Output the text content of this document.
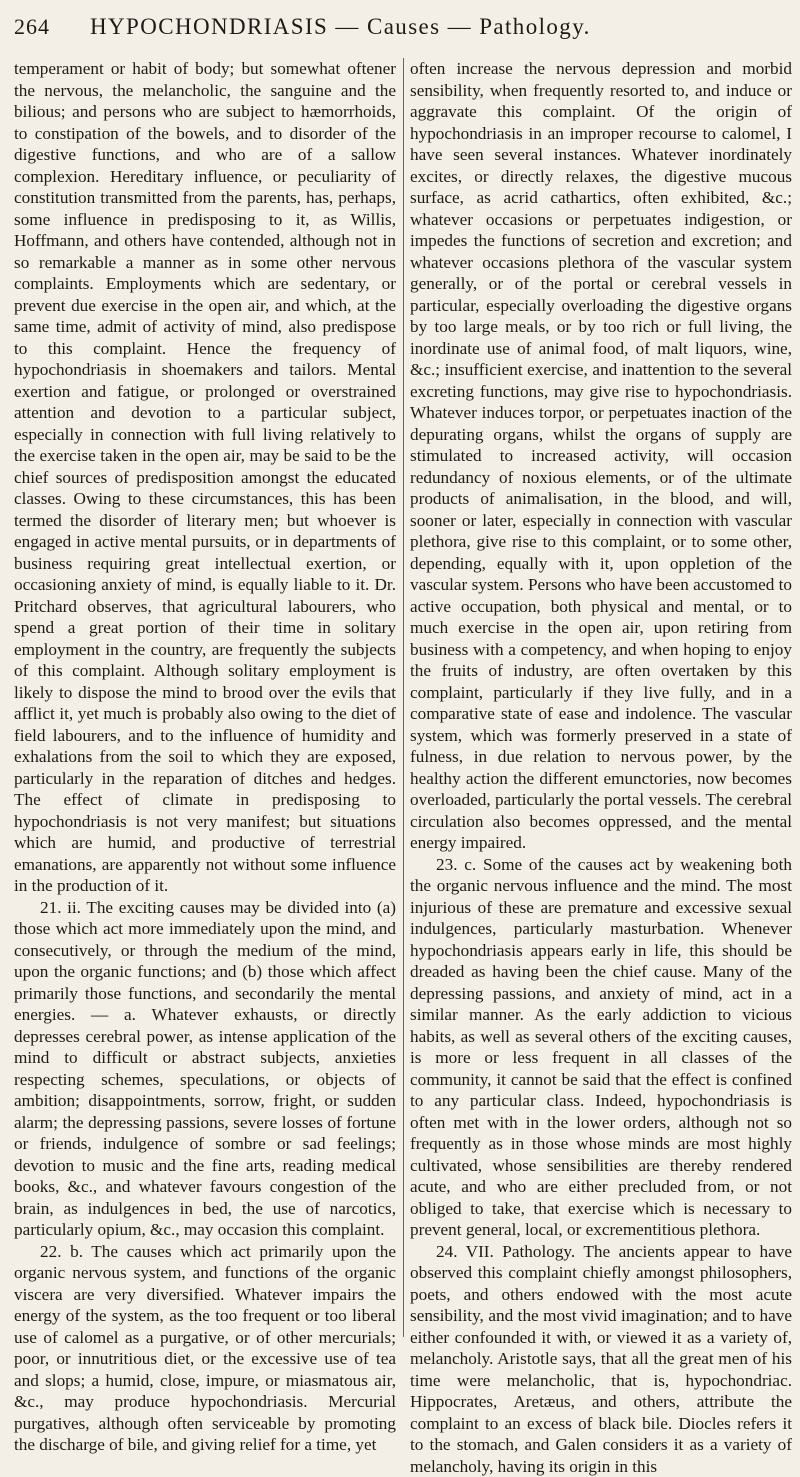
264 HYPOCHONDRIASIS — Causes — Pathology.

temperament or habit of body; but somewhat oftener the nervous, the melancholic, the sanguine and the bilious; and persons who are subject to hæmorrhoids, to constipation of the bowels, and to disorder of the digestive functions, and who are of a sallow complexion. Hereditary influence, or peculiarity of constitution transmitted from the parents, has, perhaps, some influence in predisposing to it, as Willis, Hoffmann, and others have contended, although not in so remarkable a manner as in some other nervous complaints. Employments which are sedentary, or prevent due exercise in the open air, and which, at the same time, admit of activity of mind, also predispose to this complaint. Hence the frequency of hypochondriasis in shoemakers and tailors. Mental exertion and fatigue, or prolonged or overstrained attention and devotion to a particular subject, especially in connection with full living relatively to the exercise taken in the open air, may be said to be the chief sources of predisposition amongst the educated classes. Owing to these circumstances, this has been termed the disorder of literary men; but whoever is engaged in active mental pursuits, or in departments of business requiring great intellectual exertion, or occasioning anxiety of mind, is equally liable to it. Dr. Pritchard observes, that agricultural labourers, who spend a great portion of their time in solitary employment in the country, are frequently the subjects of this complaint. Although solitary employment is likely to dispose the mind to brood over the evils that afflict it, yet much is probably also owing to the diet of field labourers, and to the influence of humidity and exhalations from the soil to which they are exposed, particularly in the reparation of ditches and hedges. The effect of climate in predisposing to hypochondriasis is not very manifest; but situations which are humid, and productive of terrestrial emanations, are apparently not without some influence in the production of it.
21. ii. The exciting causes may be divided into (a) those which act more immediately upon the mind, and consecutively, or through the medium of the mind, upon the organic functions; and (b) those which affect primarily those functions, and secondarily the mental energies. — a. Whatever exhausts, or directly depresses cerebral power, as intense application of the mind to difficult or abstract subjects, anxieties respecting schemes, speculations, or objects of ambition; disappointments, sorrow, fright, or sudden alarm; the depressing passions, severe losses of fortune or friends, indulgence of sombre or sad feelings; devotion to music and the fine arts, reading medical books, &c., and whatever favours congestion of the brain, as indulgences in bed, the use of narcotics, particularly opium, &c., may occasion this complaint.
22. b. The causes which act primarily upon the organic nervous system, and functions of the organic viscera are very diversified. Whatever impairs the energy of the system, as the too frequent or too liberal use of calomel as a purgative, or of other mercurials; poor, or innutritious diet, or the excessive use of tea and slops; a humid, close, impure, or miasmatous air, &c., may produce hypochondriasis. Mercurial purgatives, although often serviceable by promoting the discharge of bile, and giving relief for a time, yet

often increase the nervous depression and morbid sensibility, when frequently resorted to, and induce or aggravate this complaint. Of the origin of hypochondriasis in an improper recourse to calomel, I have seen several instances. Whatever inordinately excites, or directly relaxes, the digestive mucous surface, as acrid cathartics, often exhibited, &c.; whatever occasions or perpetuates indigestion, or impedes the functions of secretion and excretion; and whatever occasions plethora of the vascular system generally, or of the portal or cerebral vessels in particular, especially overloading the digestive organs by too large meals, or by too rich or full living, the inordinate use of animal food, of malt liquors, wine, &c.; insufficient exercise, and inattention to the several excreting functions, may give rise to hypochondriasis. Whatever induces torpor, or perpetuates inaction of the depurating organs, whilst the organs of supply are stimulated to increased activity, will occasion redundancy of noxious elements, or of the ultimate products of animalisation, in the blood, and will, sooner or later, especially in connection with vascular plethora, give rise to this complaint, or to some other, depending, equally with it, upon oppletion of the vascular system. Persons who have been accustomed to active occupation, both physical and mental, or to much exercise in the open air, upon retiring from business with a competency, and when hoping to enjoy the fruits of industry, are often overtaken by this complaint, particularly if they live fully, and in a comparative state of ease and indolence. The vascular system, which was formerly preserved in a state of fulness, in due relation to nervous power, by the healthy action the different emunctories, now becomes overloaded, particularly the portal vessels. The cerebral circulation also becomes oppressed, and the mental energy impaired.
23. c. Some of the causes act by weakening both the organic nervous influence and the mind. The most injurious of these are premature and excessive sexual indulgences, particularly masturbation. Whenever hypochondriasis appears early in life, this should be dreaded as having been the chief cause. Many of the depressing passions, and anxiety of mind, act in a similar manner. As the early addiction to vicious habits, as well as several others of the exciting causes, is more or less frequent in all classes of the community, it cannot be said that the effect is confined to any particular class. Indeed, hypochondriasis is often met with in the lower orders, although not so frequently as in those whose minds are most highly cultivated, whose sensibilities are thereby rendered acute, and who are either precluded from, or not obliged to take, that exercise which is necessary to prevent general, local, or excrementitious plethora.
24. VII. Pathology. The ancients appear to have observed this complaint chiefly amongst philosophers, poets, and others endowed with the most acute sensibility, and the most vivid imagination; and to have either confounded it with, or viewed it as a variety of, melancholy. Aristotle says, that all the great men of his time were melancholic, that is, hypochondriac. Hippocrates, Aretæus, and others, attribute the complaint to an excess of black bile. Diocles refers it to the stomach, and Galen considers it as a variety of melancholy, having its origin in this
